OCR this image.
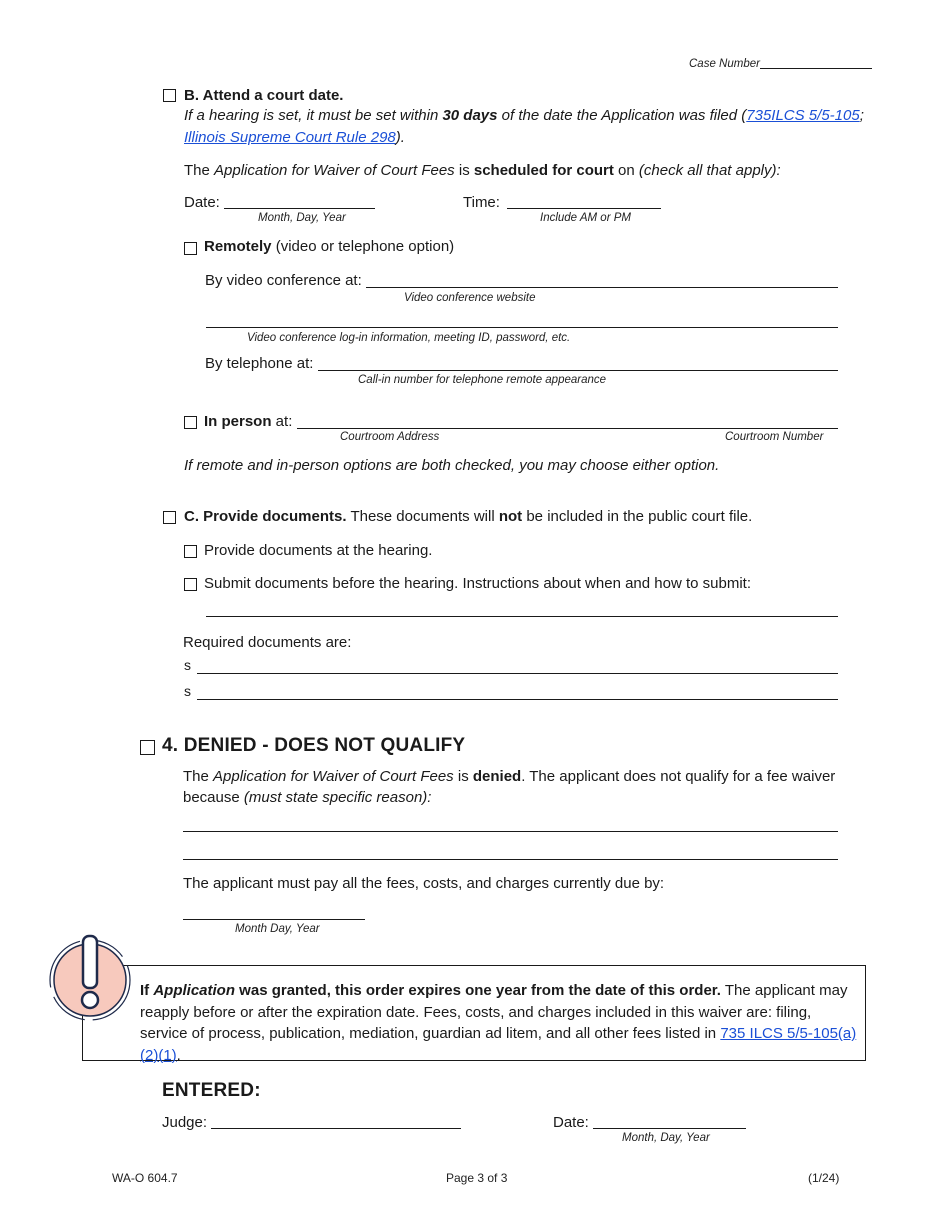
Case Number
B. Attend a court date.
If a hearing is set, it must be set within 30 days of the date the Application was filed (735ILCS 5/5-105;
Illinois Supreme Court Rule 298).
The Application for Waiver of Court Fees is scheduled for court on (check all that apply):
Date:
Month, Day, Year
Time:
Include AM or PM
Remotely (video or telephone option)
By video conference at:
Video conference website
Video conference log-in information, meeting ID, password, etc.
By telephone at:
Call-in number for telephone remote appearance
In person at:
Courtroom Address	Courtroom Number
If remote and in-person options are both checked, you may choose either option.
C. Provide documents. These documents will not be included in the public court file.
Provide documents at the hearing.
Submit documents before the hearing. Instructions about when and how to submit:
Required documents are:
s
s
4. DENIED - DOES NOT QUALIFY
The Application for Waiver of Court Fees is denied. The applicant does not qualify for a fee waiver
because (must state specific reason):
The applicant must pay all the fees, costs, and charges currently due by:
Month Day, Year
If Application was granted, this order expires one year from the date of this order. The applicant may reapply before or after the expiration date. Fees, costs, and charges included in this waiver are: filing, service of process, publication, mediation, guardian ad litem, and all other fees listed in 735 ILCS 5/5-105(a)(2)(1).
ENTERED:
Judge:	Date:
Month, Day, Year
WA-O 604.7	Page 3 of 3	(1/24)
